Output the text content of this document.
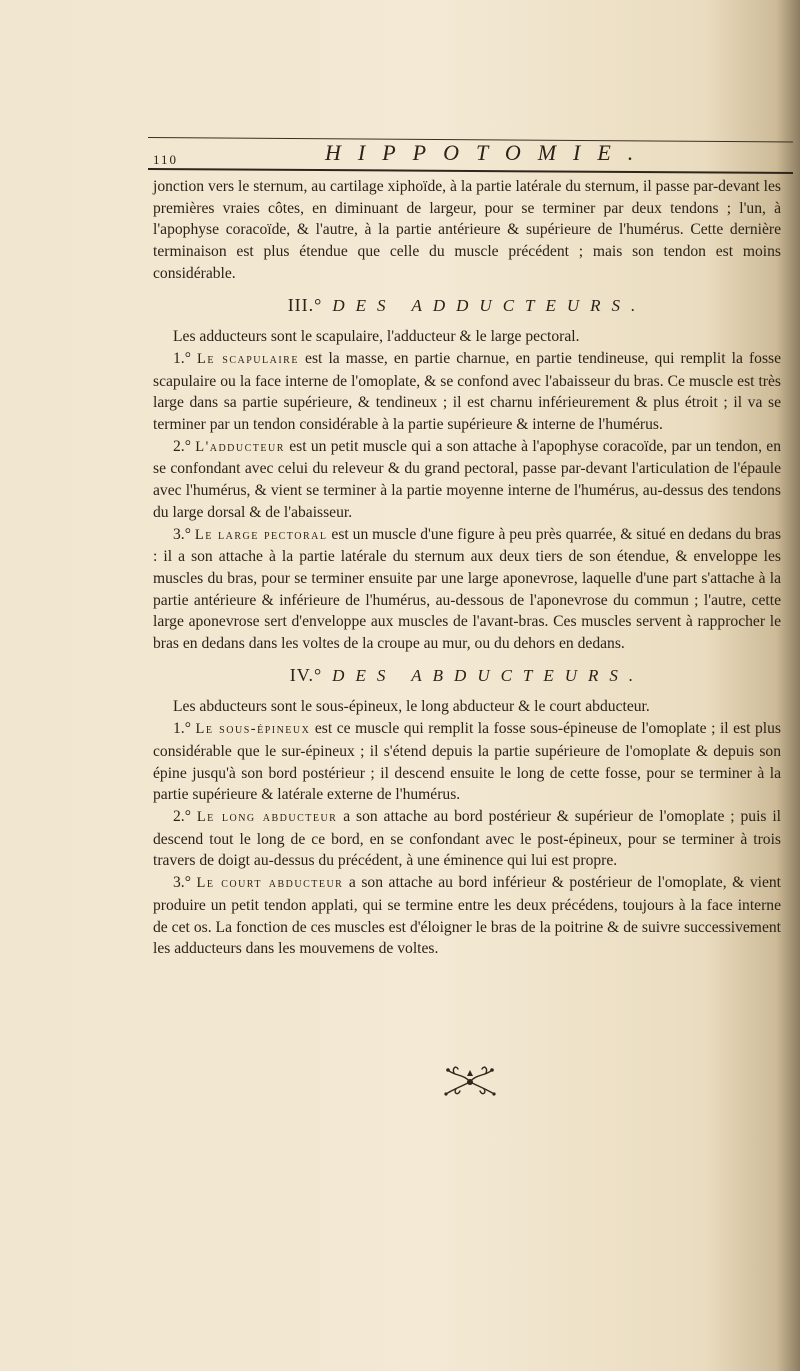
110	HIPPOTOMIE.

jonction vers le sternum, au cartilage xiphoïde, à la partie latérale du sternum, il passe par-devant les premières vraies côtes, en diminuant de largeur, pour se terminer par deux tendons ; l'un, à l'apophyse coracoïde, & l'autre, à la partie antérieure & supérieure de l'humérus. Cette dernière terminaison est plus étendue que celle du muscle précédent ; mais son tendon est moins considérable.

III.° DES ADDUCTEURS.

Les adducteurs sont le scapulaire, l'adducteur & le large pectoral.

1.° Le scapulaire est la masse, en partie charnue, en partie tendineuse, qui remplit la fosse scapulaire ou la face interne de l'omoplate, & se confond avec l'abaisseur du bras. Ce muscle est très large dans sa partie supérieure, & tendineux ; il est charnu inférieurement & plus étroit ; il va se terminer par un tendon considérable à la partie supérieure & interne de l'humérus.

2.° L'adducteur est un petit muscle qui a son attache à l'apophyse coracoïde, par un tendon, en se confondant avec celui du releveur & du grand pectoral, passe par-devant l'articulation de l'épaule avec l'humérus, & vient se terminer à la partie moyenne interne de l'humérus, au-dessus des tendons du large dorsal & de l'abaisseur.

3.° Le large pectoral est un muscle d'une figure à peu près quarrée, & situé en dedans du bras : il a son attache à la partie latérale du sternum aux deux tiers de son étendue, & enveloppe les muscles du bras, pour se terminer ensuite par une large aponevrose, laquelle d'une part s'attache à la partie antérieure & inférieure de l'humérus, au-dessous de l'aponevrose du commun ; l'autre, cette large aponevrose sert d'enveloppe aux muscles de l'avant-bras. Ces muscles servent à rapprocher le bras en dedans dans les voltes de la croupe au mur, ou du dehors en dedans.

IV.° DES ABDUCTEURS.

Les abducteurs sont le sous-épineux, le long abducteur & le court abducteur.

1.° Le sous-épineux est ce muscle qui remplit la fosse sous-épineuse de l'omoplate ; il est plus considérable que le sur-épineux ; il s'étend depuis la partie supérieure de l'omoplate & depuis son épine jusqu'à son bord postérieur ; il descend ensuite le long de cette fosse, pour se terminer à la partie supérieure & latérale externe de l'humérus.

2.° Le long abducteur a son attache au bord postérieur & supérieur de l'omoplate ; puis il descend tout le long de ce bord, en se confondant avec le post-épineux, pour se terminer à trois travers de doigt au-dessus du précédent, à une éminence qui lui est propre.

3.° Le court abducteur a son attache au bord inférieur & postérieur de l'omoplate, & vient produire un petit tendon applati, qui se termine entre les deux précédens, toujours à la face interne de cet os. La fonction de ces muscles est d'éloigner le bras de la poitrine & de suivre successivement les adducteurs dans les mouvemens de voltes.
